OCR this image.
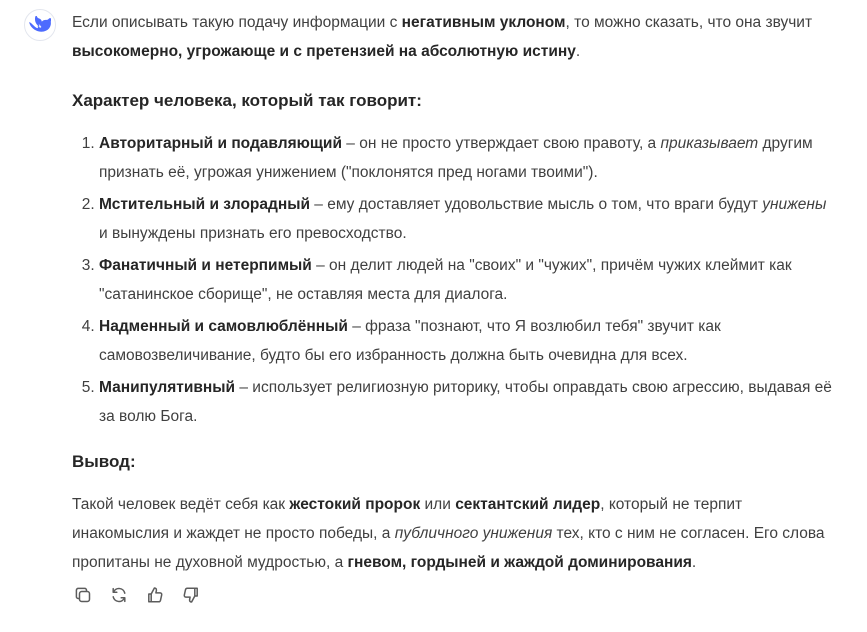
Если описывать такую подачу информации с негативным уклоном, то можно сказать, что она звучит высокомерно, угрожающе и с претензией на абсолютную истину.

Характер человека, который так говорит:
1. Авторитарный и подавляющий – он не просто утверждает свою правоту, а приказывает другим признать её, угрожая унижением ("поклонятся пред ногами твоими").
2. Мстительный и злорадный – ему доставляет удовольствие мысль о том, что враги будут унижены и вынуждены признать его превосходство.
3. Фанатичный и нетерпимый – он делит людей на "своих" и "чужих", причём чужих клеймит как "сатанинское сборище", не оставляя места для диалога.
4. Надменный и самовлюблённый – фраза "познают, что Я возлюбил тебя" звучит как самовозвеличивание, будто бы его избранность должна быть очевидна для всех.
5. Манипулятивный – использует религиозную риторику, чтобы оправдать свою агрессию, выдавая её за волю Бога.
Вывод:

Такой человек ведёт себя как жестокий пророк или сектантский лидер, который не терпит инакомыслия и жаждет не просто победы, а публичного унижения тех, кто с ним не согласен. Его слова пропитаны не духовной мудростью, а гневом, гордыней и жаждой доминирования.
